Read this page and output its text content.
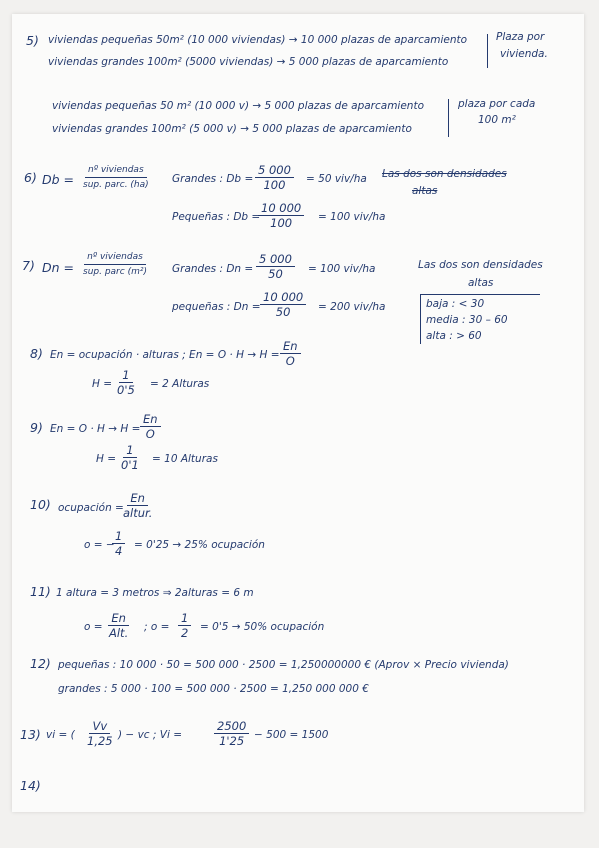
5) viviendas pequeñas 50m² (10 000 viviendas) → 10 000 plazas de aparcamiento
viviendas grandes 100m² (5000 viviendas) → 5 000 plazas de aparcamiento
Plaza por
vivienda.
viviendas pequeñas 50 m² (10 000 v) → 5 000 plazas de aparcamiento
viviendas grandes 100m² (5 000 v) → 5 000 plazas de aparcamiento
plaza por cada
100 m²
6) Db =
nº viviendas
sup. parc. (ha) Grandes : $Db = \frac{5 000}{100} = 50$ viv/ha Las dos son densidades
altas
Pequeñas : Db =
$\frac{10 000}{100} = 100$ viv/ha
7) Dn =
nº viviendas
sup. parc (m²) Grandes : $Dn = \frac{5 000}{50} = 100$ viv/ha	Las dos son densidades
altas
pequeñas : $Dn = \frac{10 000}{50} = 200$ viv/ha	baja : < 30
media : 30 – 60
alta : > 60
8) En = ocupación · alturas ; $En = O \cdot H \to H = \frac{En}{O}$
$H = \frac{1}{0'5} = 2$ Alturas
9) $En = O \cdot H \to H = \frac{En}{O}$
$H = \frac{1}{0'1} = 10$ Alturas
10) ocupación =
En
altur.
o = −
$\frac{1}{4} = 0'25 \to 25\%$ ocupación
11) 1 altura = 3 metros ⇒ 2alturas = 6 m
o =
En
Alt. ; $o = \frac{1}{2} = 0'5 \to 50\%$ ocupación
12) pequeñas : 10 000 · 50 = 500 000 · 2500 = 1,250000000 € (Aprov × Precio vivienda)
grandes : 5 000 · 100 = 500 000 · 2500 = 1,250 000 000 €
13) vi = ( $\frac{Vv}{1,25}$ ) − vc ; Vi =	$\frac{2500}{1'25} - 500 = 1500$
14)
